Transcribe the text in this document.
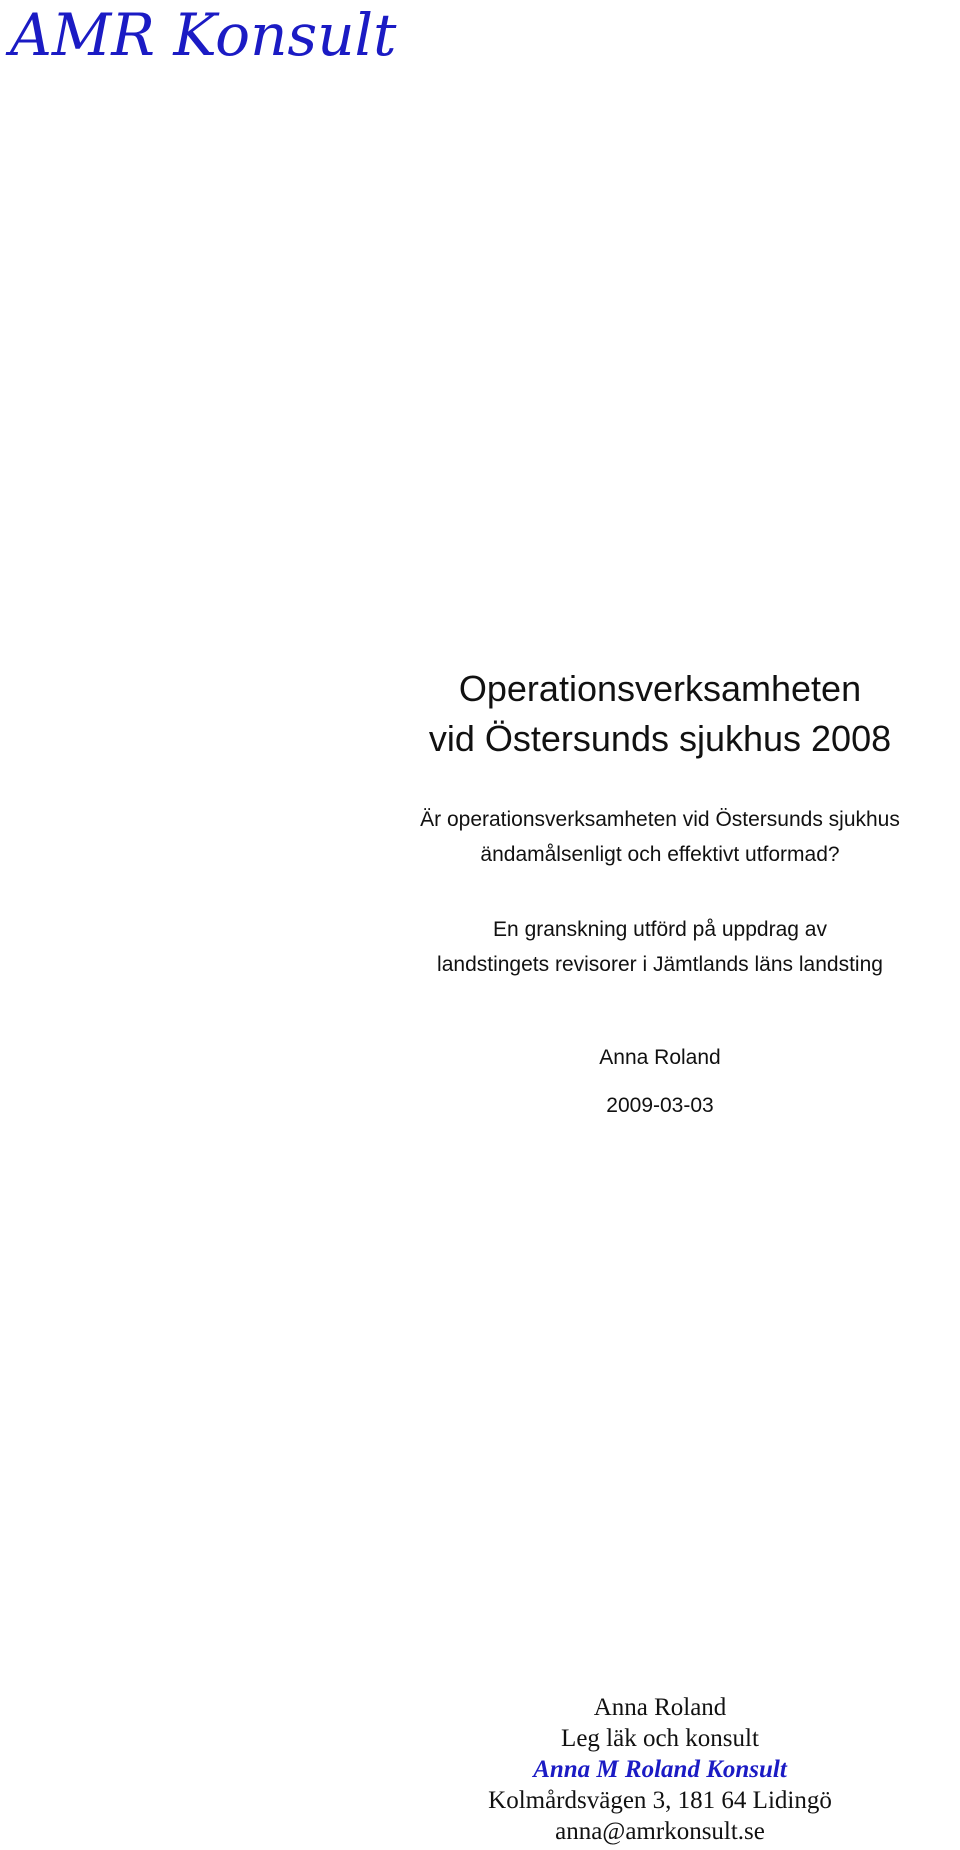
AMR Konsult
Operationsverksamheten
vid Östersunds sjukhus 2008

Är operationsverksamheten vid Östersunds sjukhus
ändamålsenligt och effektivt utformad?

En granskning utförd på uppdrag av
landstingets revisorer i Jämtlands läns landsting

Anna Roland

2009-03-03

Anna Roland
Leg läk och konsult
Anna M Roland Konsult
Kolmårdsvägen 3, 181 64 Lidingö
anna@amrkonsult.se
